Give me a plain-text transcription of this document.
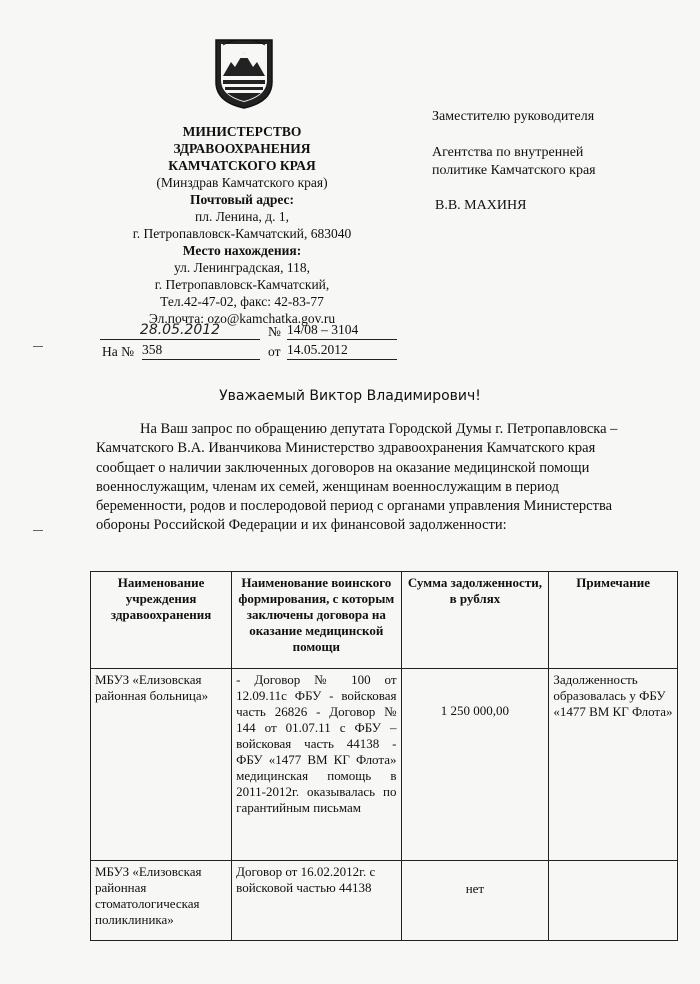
МИНИСТЕРСТВО
ЗДРАВООХРАНЕНИЯ
КАМЧАТСКОГО КРАЯ
(Минздрав Камчатского края)
Почтовый адрес:
пл. Ленина, д. 1,
г. Петропавловск-Камчатский, 683040
Место нахождения:
ул. Ленинградская, 118,
г. Петропавловск-Камчатский,
Тел.42-47-02, факс: 42-83-77
Эл.почта: ozo@kamchatka.gov.ru
Заместителю руководителя
Агентства по внутренней
политике Камчатского края
В.В. МАХИНЯ
28.05.2012	№ 14/08 – 3104
На № 358	от 14.05.2012
Уважаемый Виктор Владимирович!
На Ваш запрос по обращению депутата Городской Думы г. Петропавловска –
Камчатского В.А. Иванчикова Министерство здравоохранения Камчатского края
сообщает о наличии заключенных договоров на оказание медицинской помощи
военнослужащим, членам их семей, женщинам военнослужащим в период
беременности, родов и послеродовой период с органами управления Министерства
обороны Российской Федерации и их финансовой задолженности:
Наименование учреждения здравоохранения	Наименование воинского формирования, с которым заключены договора на оказание медицинской помощи	Сумма задолженности, в рублях	Примечание
МБУЗ «Елизовская районная больница»	- Договор № 100 от 12.09.11с ФБУ - войсковая часть 26826 - Договор № 144 от 01.07.11 с ФБУ – войсковая часть 44138 - ФБУ «1477 ВМ КГ Флота» медицинская помощь в 2011-2012г. оказывалась по гарантийным письмам	1 250 000,00	Задолженность образовалась у ФБУ «1477 ВМ КГ Флота»
МБУЗ «Елизовская районная стоматологическая поликлиника»	Договор от 16.02.2012г. с войсковой частью 44138	нет	
